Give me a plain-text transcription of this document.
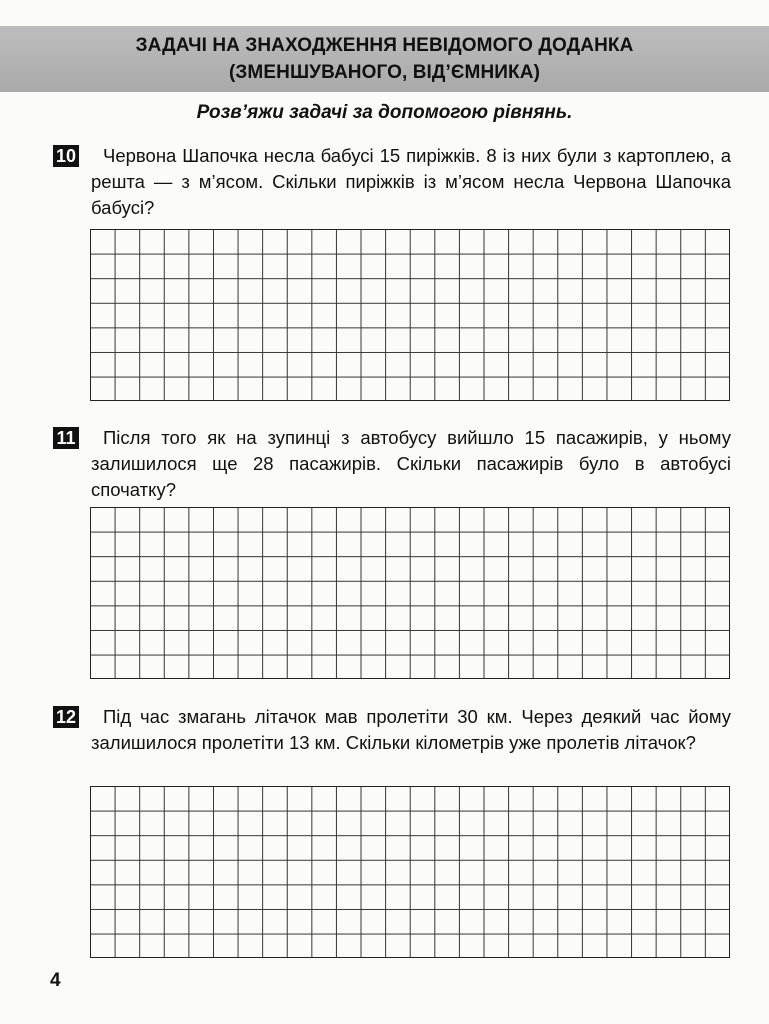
ЗАДАЧІ НА ЗНАХОДЖЕННЯ НЕВІДОМОГО ДОДАНКА
(ЗМЕНШУВАНОГО, ВІД’ЄМНИКА)
Розв’яжи задачі за допомогою рівнянь.
10	Червона Шапочка несла бабусі 15 пиріжків. 8 із них були з картоплею, а решта — з м’ясом. Скільки пиріжків із м’ясом несла Червона Шапочка бабусі?
11	Після того як на зупинці з автобусу вийшло 15 пасажирів, у ньому залишилося ще 28 пасажирів. Скільки пасажирів було в автобусі спочатку?
12	Під час змагань літачок мав пролетіти 30 км. Через деякий час йому залишилося пролетіти 13 км. Скільки кілометрів уже пролетів літачок?
4
